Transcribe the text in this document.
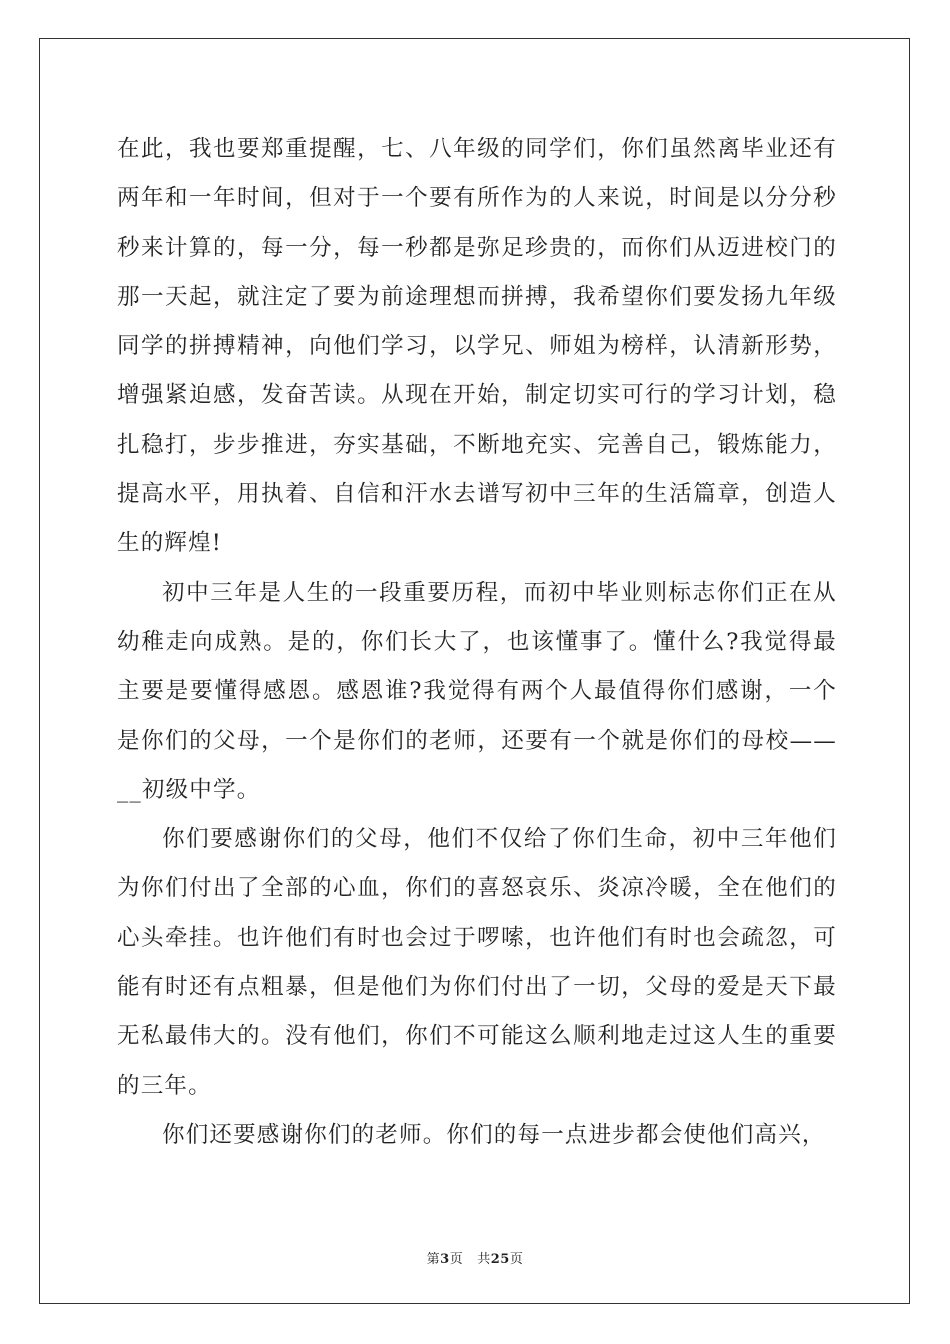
在此，我也要郑重提醒，七、八年级的同学们，你们虽然离毕业还有两年和一年时间，但对于一个要有所作为的人来说，时间是以分分秒秒来计算的，每一分，每一秒都是弥足珍贵的，而你们从迈进校门的那一天起，就注定了要为前途理想而拼搏，我希望你们要发扬九年级同学的拼搏精神，向他们学习，以学兄、师姐为榜样，认清新形势，增强紧迫感，发奋苦读。从现在开始，制定切实可行的学习计划，稳扎稳打，步步推进，夯实基础，不断地充实、完善自己，锻炼能力，提高水平，用执着、自信和汗水去谱写初中三年的生活篇章，创造人生的辉煌!

初中三年是人生的一段重要历程，而初中毕业则标志你们正在从幼稚走向成熟。是的，你们长大了，也该懂事了。懂什么?我觉得最主要是要懂得感恩。感恩谁?我觉得有两个人最值得你们感谢，一个是你们的父母，一个是你们的老师，还要有一个就是你们的母校——__初级中学。

你们要感谢你们的父母，他们不仅给了你们生命，初中三年他们为你们付出了全部的心血，你们的喜怒哀乐、炎凉冷暖，全在他们的心头牵挂。也许他们有时也会过于啰嗦，也许他们有时也会疏忽，可能有时还有点粗暴，但是他们为你们付出了一切，父母的爱是天下最无私最伟大的。没有他们，你们不可能这么顺利地走过这人生的重要的三年。

你们还要感谢你们的老师。你们的每一点进步都会使他们高兴，

第3页 共25页
